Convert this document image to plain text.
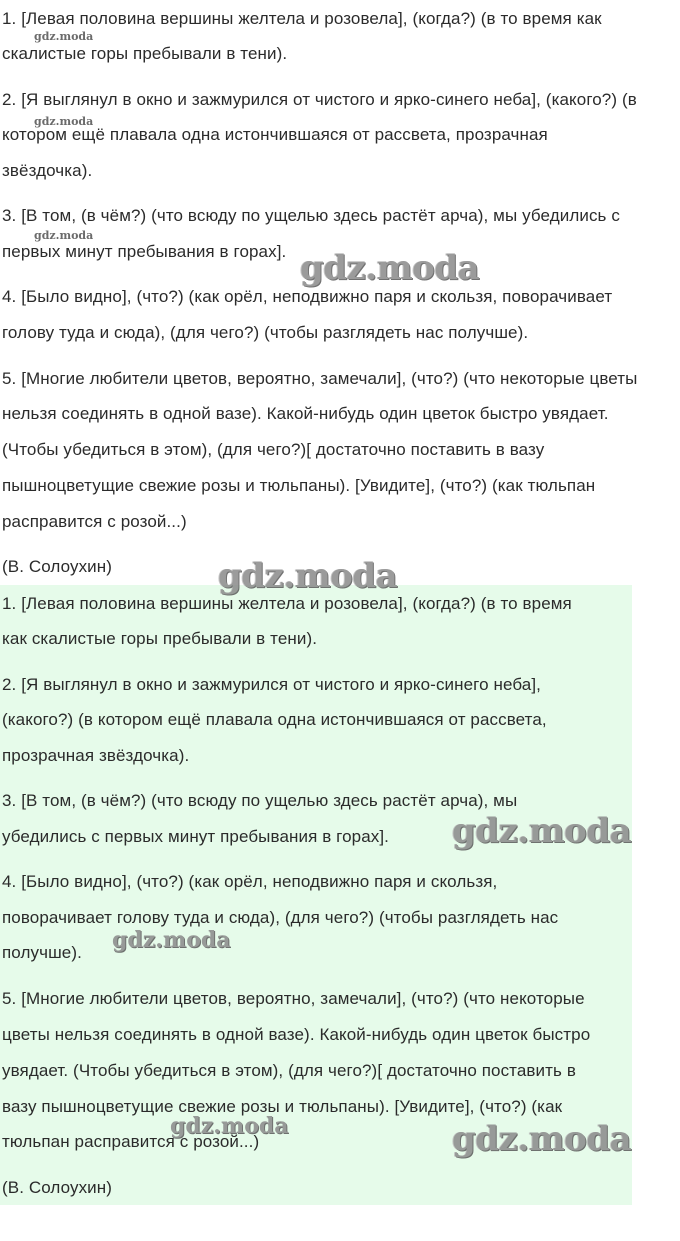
1. [Левая половина вершины желтела и розовела], (когда?) (в то время как
скалистые горы пребывали в тени).
2. [Я выглянул в окно и зажмурился от чистого и ярко-синего неба], (какого?) (в
котором ещё плавала одна истончившаяся от рассвета, прозрачная
звёздочка).
3. [В том, (в чём?) (что всюду по ущелью здесь растёт арча), мы убедились с
первых минут пребывания в горах].
4. [Было видно], (что?) (как орёл, неподвижно паря и скользя, поворачивает
голову туда и сюда), (для чего?) (чтобы разглядеть нас получше).
5. [Многие любители цветов, вероятно, замечали], (что?) (что некоторые цветы
нельзя соединять в одной вазе). Какой-нибудь один цветок быстро увядает.
(Чтобы убедиться в этом), (для чего?)[ достаточно поставить в вазу
пышноцветущие свежие розы и тюльпаны). [Увидите], (что?) (как тюльпан
расправится с розой...)
(В. Солоухин)
gdz.moda
gdz.moda
gdz.moda
gdz.moda
gdz.moda
1. [Левая половина вершины желтела и розовела], (когда?) (в то время
как скалистые горы пребывали в тени).
2. [Я выглянул в окно и зажмурился от чистого и ярко-синего неба],
(какого?) (в котором ещё плавала одна истончившаяся от рассвета,
прозрачная звёздочка).
3. [В том, (в чём?) (что всюду по ущелью здесь растёт арча), мы
убедились с первых минут пребывания в горах].
4. [Было видно], (что?) (как орёл, неподвижно паря и скользя,
поворачивает голову туда и сюда), (для чего?) (чтобы разглядеть нас
получше).
5. [Многие любители цветов, вероятно, замечали], (что?) (что некоторые
цветы нельзя соединять в одной вазе). Какой-нибудь один цветок быстро
увядает. (Чтобы убедиться в этом), (для чего?)[ достаточно поставить в
вазу пышноцветущие свежие розы и тюльпаны). [Увидите], (что?) (как
тюльпан расправится с розой...)
(В. Солоухин)
gdz.moda
gdz.moda
gdz.moda	gdz.moda
